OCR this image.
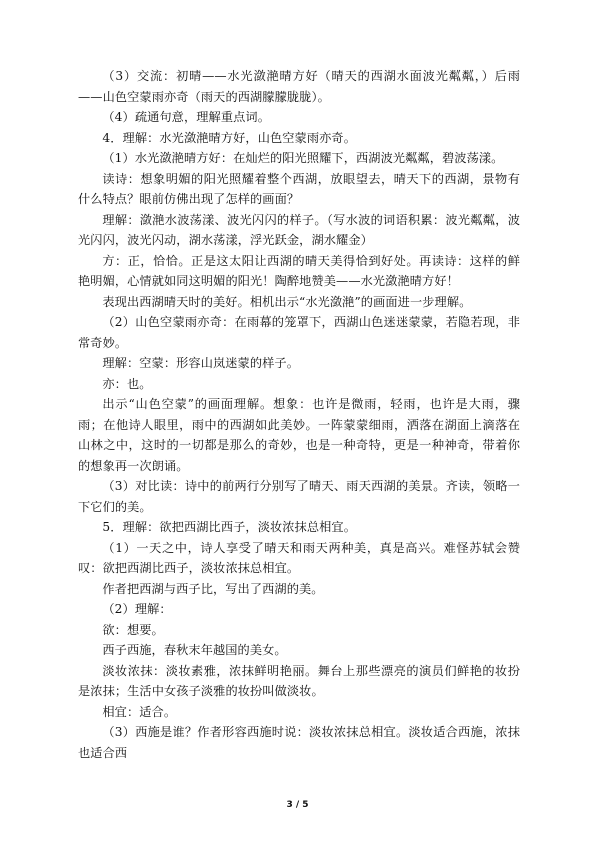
（3）交流：初晴——水光潋滟晴方好（晴天的西湖水面波光粼粼，）后雨——山色空蒙雨亦奇（雨天的西湖朦朦胧胧）。

（4）疏通句意，理解重点词。

4．理解：水光潋滟晴方好，山色空蒙雨亦奇。

（1）水光潋滟晴方好：在灿烂的阳光照耀下，西湖波光粼粼，碧波荡漾。

读诗：想象明媚的阳光照耀着整个西湖，放眼望去，晴天下的西湖，景物有什么特点？眼前仿佛出现了怎样的画面？

理解：潋滟水波荡漾、波光闪闪的样子。（写水波的词语积累：波光粼粼，波光闪闪，波光闪动，湖水荡漾，浮光跃金，湖水耀金）

方：正，恰恰。正是这太阳让西湖的晴天美得恰到好处。再读诗：这样的鲜艳明媚，心情就如同这明媚的阳光！陶醉地赞美——水光潋滟晴方好！

表现出西湖晴天时的美好。相机出示“水光潋滟”的画面进一步理解。

（2）山色空蒙雨亦奇：在雨幕的笼罩下，西湖山色迷迷蒙蒙，若隐若现，非常奇妙。

理解：空蒙：形容山岚迷蒙的样子。

亦：也。

出示“山色空蒙”的画面理解。想象：也许是微雨，轻雨，也许是大雨，骤雨；在他诗人眼里，雨中的西湖如此美妙。一阵蒙蒙细雨，洒落在湖面上滴落在山林之中，这时的一切都是那么的奇妙，也是一种奇特，更是一种神奇，带着你的想象再一次朗诵。

（3）对比读：诗中的前两行分别写了晴天、雨天西湖的美景。齐读，领略一下它们的美。

5．理解：欲把西湖比西子，淡妆浓抹总相宜。

（1）一天之中，诗人享受了晴天和雨天两种美，真是高兴。难怪苏轼会赞叹：欲把西湖比西子，淡妆浓抹总相宜。

作者把西湖与西子比，写出了西湖的美。

（2）理解：

欲：想要。

西子西施，春秋末年越国的美女。

淡妆浓抹：淡妆素雅，浓抹鲜明艳丽。舞台上那些漂亮的演员们鲜艳的妆扮是浓抹；生活中女孩子淡雅的妆扮叫做淡妆。

相宜：适合。

（3）西施是谁？作者形容西施时说：淡妆浓抹总相宜。淡妆适合西施，浓抹也适合西

3 / 5
